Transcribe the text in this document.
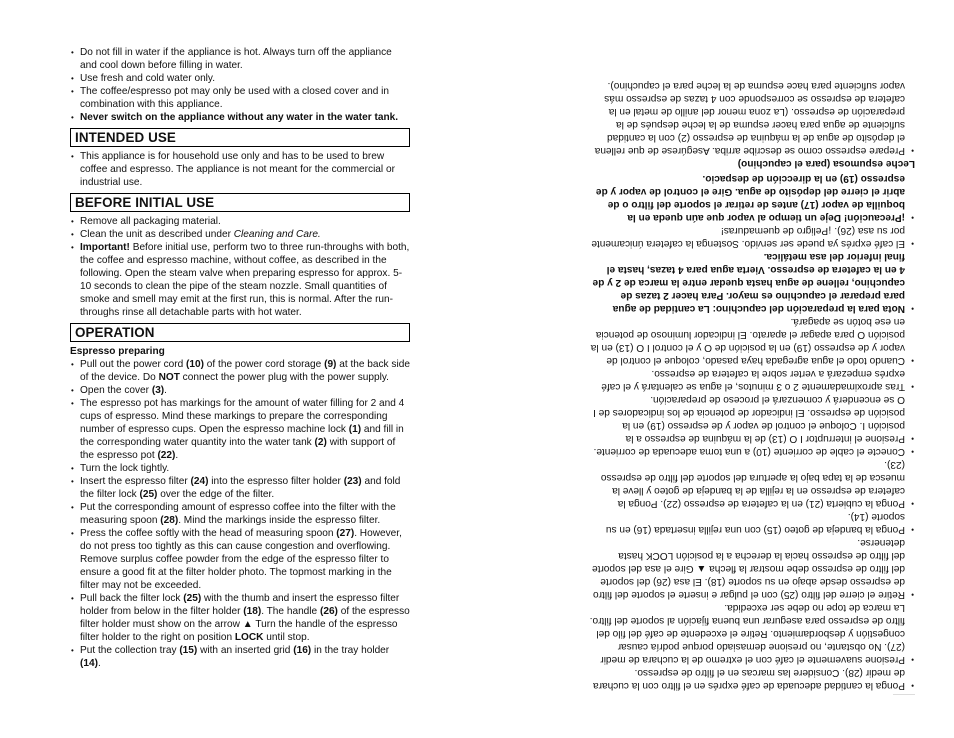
• Do not fill in water if the appliance is hot. Always turn off the appliance and cool down before filling in water.
• Use fresh and cold water only.
• The coffee/espresso pot may only be used with a closed cover and in combination with this appliance.
• Never switch on the appliance without any water in the water tank.
INTENDED USE
• This appliance is for household use only and has to be used to brew coffee and espresso. The appliance is not meant for the commercial or industrial use.
BEFORE INITIAL USE
• Remove all packaging material.
• Clean the unit as described under Cleaning and Care.
• Important! Before initial use, perform two to three run-throughs with both, the coffee and espresso machine, without coffee, as described in the following. Open the steam valve when preparing espresso for approx. 5-10 seconds to clean the pipe of the steam nozzle. Small quantities of smoke and smell may emit at the first run, this is normal. After the run-throughs rinse all detachable parts with hot water.
OPERATION
Espresso preparing
• Pull out the power cord (10) of the power cord storage (9) at the back side of the device. Do NOT connect the power plug with the power supply.
• Open the cover (3).
• The espresso pot has markings for the amount of water filling for 2 and 4 cups of espresso. Mind these markings to prepare the corresponding number of espresso cups. Open the espresso machine lock (1) and fill in the corresponding water quantity into the water tank (2) with support of the espresso pot (22).
• Turn the lock tightly.
• Insert the espresso filter (24) into the espresso filter holder (23) and fold the filter lock (25) over the edge of the filter.
• Put the corresponding amount of espresso coffee into the filter with the measuring spoon (28). Mind the markings inside the espresso filter.
• Press the coffee softly with the head of measuring spoon (27). However, do not press too tightly as this can cause congestion and overflowing. Remove surplus coffee powder from the edge of the espresso filter to ensure a good fit at the filter holder photo. The topmost marking in the filter may not be exceeded.
• Pull back the filter lock (25) with the thumb and insert the espresso filter holder from below in the filter holder (18). The handle (26) of the espresso filter holder must show on the arrow ▲ Turn the handle of the espresso filter holder to the right on position LOCK until stop.
• Put the collection tray (15) with an inserted grid (16) in the tray holder (14).
• Ponga la cantidad adecuada de café exprés en el filtro con la cuchara de medir (28). Considere las marcas en el filtro de espresso.
• Presione suavemente el café con el extremo de la cuchara de medir (27). No obstante, no presione demasiado porque podría causar congestión y desbordamiento. Retire el excedente de café del filo del filtro de espresso para asegurar una buena fijación al soporte del filtro. La marca de tope no debe ser excedida.
• Retire el cierre del filtro (25) con el pulgar e inserte el soporte del filtro de espresso desde abajo en su soporte (18). El asa (26) del soporte del filtro de espresso debe mostrar la flecha ▲ Gire el asa del soporte del filtro de espresso hacia la derecha a la posición LOCK hasta detenerse.
• Ponga la bandeja de goteo (15) con una rejilla insertada (16) en su soporte (14).
• Ponga la cubierta (21) en la cafetera de espresso (22). Ponga la cafetera de espresso en la rejilla de la bandeja de goteo y lleve la muesca de la tapa bajo la apertura del soporte del filtro de espresso (23).
• Conecte el cable de corriente (10) a una toma adecuada de corriente.
• Presione el interruptor I O (13) de la máquina de espresso a la posición I. Coloque el control de vapor y de espresso (19) en la posición de espresso. El indicador de potencia de los indicadores de I O se encenderá y comenzará el proceso de preparación.
• Tras aproximadamente 2 o 3 minutos, el agua se calentará y el café exprés empezará a verter sobre la cafetera de espresso.
• Cuando todo el agua agregada haya pasado, coloque el control de vapor y de espresso (19) en la posición de O y el control I O (13) en la posición O para apagar el aparato. El indicador luminoso de potencia en ese botón se apagará.
• Nota para la preparación del capuchino: La cantidad de agua para preparar el capuchino es mayor. Para hacer 2 tazas de capuchino, rellene de agua hasta quedar entre la marca de 2 y de 4 en la cafetera de espresso. Vierta agua para 4 tazas, hasta el final inferior del asa metálica.
• El café exprés ya puede ser servido. Sostenga la cafetera únicamente por su asa (26). ¡Peligro de quemaduras!
• ¡Precaución! Deje un tiempo al vapor que aún queda en la boquilla de vapor (17) antes de retirar el soporte del filtro o de abrir el cierre del depósito de agua. Gire el control de vapor y de espresso (19) en la dirección de despacio.
Leche espumosa (para el capuchino)
• Prepare espresso como se describe arriba. Asegúrese de que rellena el depósito de agua de la máquina de espresso (2) con la cantidad suficiente de agua para hacer espuma de la leche después de la preparación de espresso. (La zona menor del anillo de metal en la cafetera de espresso se corresponde con 4 tazas de espresso más vapor suficiente para hace espuma de la leche para el capuchino).
